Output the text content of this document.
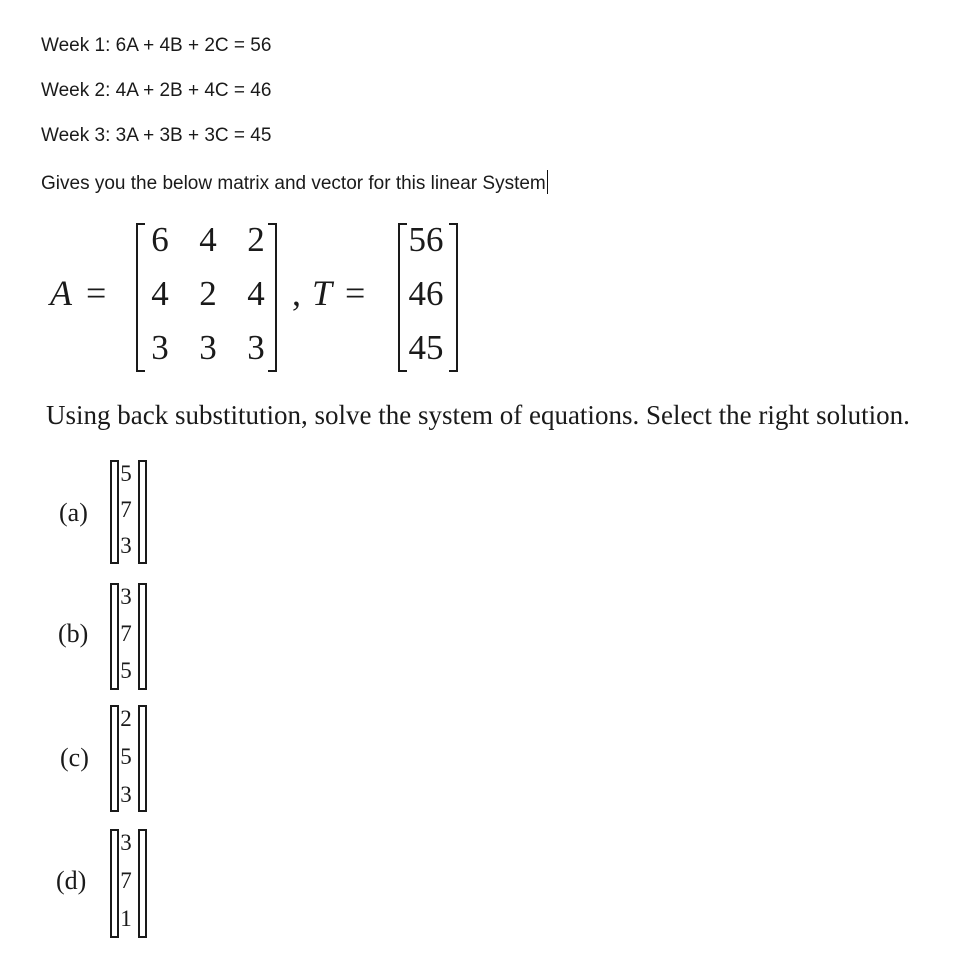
Week 1: 6A + 4B + 2C = 56
Week 2: 4A + 2B + 4C = 46
Week 3: 3A + 3B + 3C = 45
Gives you the below matrix and vector for this linear System
A =
6 4 2
4 2 4
3 3 3
, T =
56
46
45
Using back substitution, solve the system of equations. Select the right solution.
(a)
5
7
3
(b)
3
7
5
(c)
2
5
3
(d)
3
7
1
